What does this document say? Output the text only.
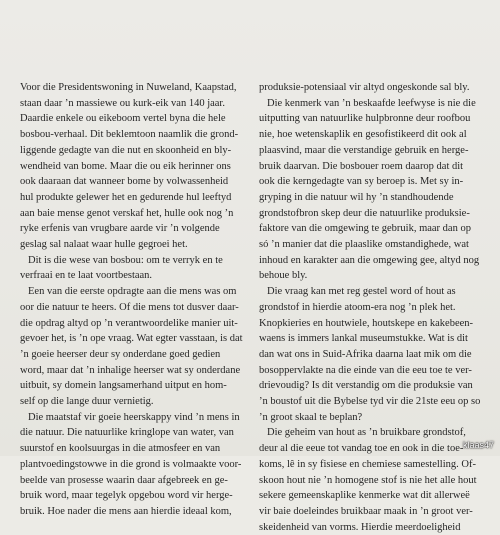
Voor die Presidentswoning in Nuweland, Kaapstad,
staan daar ’n massiewe ou kurk-eik van 140 jaar.
Daardie enkele ou eikeboom vertel byna die hele
bosbou-verhaal. Dit beklemtoon naamlik die grond-
liggende gedagte van die nut en skoonheid en bly-
wendheid van bome. Maar die ou eik herinner ons
ook daaraan dat wanneer bome by volwassenheid
hul produkte gelewer het en gedurende hul leeftyd
aan baie mense genot verskaf het, hulle ook nog ’n
ryke erfenis van vrugbare aarde vir ’n volgende
geslag sal nalaat waar hulle gegroei het.
Dit is die wese van bosbou: om te verryk en te
verfraai en te laat voortbestaan.
Een van die eerste opdragte aan die mens was om
oor die natuur te heers. Of die mens tot dusver daar-
die opdrag altyd op ’n verantwoordelike manier uit-
gevoer het, is ’n ope vraag. Wat egter vasstaan, is dat
’n goeie heerser deur sy onderdane goed gedien
word, maar dat ’n inhalige heerser wat sy onderdane
uitbuit, sy domein langsamerhand uitput en hom-
self op die lange duur vernietig.
Die maatstaf vir goeie heerskappy vind ’n mens in
die natuur. Die natuurlike kringlope van water, van
suurstof en koolsuurgas in die atmosfeer en van
plantvoedingstowwe in die grond is volmaakte voor-
beelde van prosesse waarin daar afgebreek en ge-
bruik word, maar tegelyk opgebou word vir herge-
bruik. Hoe nader die mens aan hierdie ideaal kom,
produksie-potensiaal vir altyd ongeskonde sal bly.
Die kenmerk van ’n beskaafde leefwyse is nie die
uitputting van natuurlike hulpbronne deur roofbou
nie, hoe wetenskaplik en gesofistikeerd dit ook al
plaasvind, maar die verstandige gebruik en herge-
bruik daarvan. Die bosbouer roem daarop dat dit
ook die kerngedagte van sy beroep is. Met sy in-
gryping in die natuur wil hy ’n standhoudende
grondstofbron skep deur die natuurlike produksie-
faktore van die omgewing te gebruik, maar dan op
só ’n manier dat die plaaslike omstandighede, wat
inhoud en karakter aan die omgewing gee, altyd nog
behoue bly.
Die vraag kan met reg gestel word of hout as
grondstof in hierdie atoom-era nog ’n plek het.
Knopkieries en houtwiele, houtskepe en kakebeen-
waens is immers lankal museumstukke. Wat is dit
dan wat ons in Suid-Afrika daarna laat mik om die
bosoppervlakte na die einde van die eeu toe te ver-
drievoudig? Is dit verstandig om die produksie van
’n boustof uit die Bybelse tyd vir die 21ste eeu op so
’n groot skaal te beplan?
Die geheim van hout as ’n bruikbare grondstof,
deur al die eeue tot vandag toe en ook in die toe-
koms, lê in sy fisiese en chemiese samestelling. Of-
skoon hout nie ’n homogene stof is nie het alle hout
sekere gemeenskaplike kenmerke wat dit allerweë
vir baie doeleindes bruikbaar maak in ’n groot ver-
skeidenheid van vorms. Hierdie meerdoeligheid
klaas47
